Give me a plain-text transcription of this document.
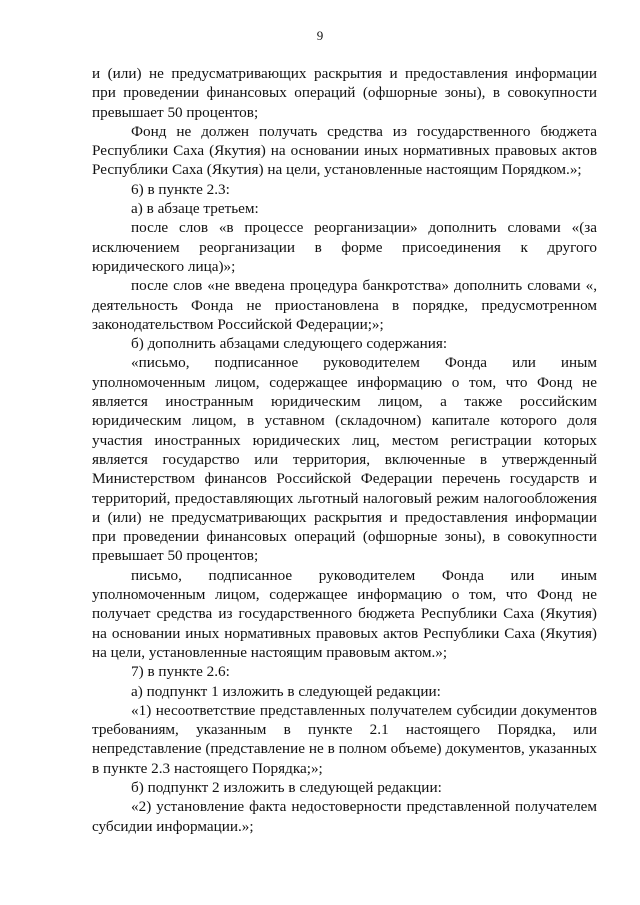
9

и (или) не предусматривающих раскрытия и предоставления информации при проведении финансовых операций (офшорные зоны), в совокупности превышает 50 процентов;

Фонд не должен получать средства из государственного бюджета Республики Саха (Якутия) на основании иных нормативных правовых актов Республики Саха (Якутия) на цели, установленные настоящим Порядком.»;

6) в пункте 2.3:

а) в абзаце третьем:

после слов «в процессе реорганизации» дополнить словами «(за исключением реорганизации в форме присоединения к другого юридического лица)»;

после слов «не введена процедура банкротства» дополнить словами «, деятельность Фонда не приостановлена в порядке, предусмотренном законодательством Российской Федерации;»;

б) дополнить абзацами следующего содержания:

«письмо, подписанное руководителем Фонда или иным уполномоченным лицом, содержащее информацию о том, что Фонд не является иностранным юридическим лицом, а также российским юридическим лицом, в уставном (складочном) капитале которого доля участия иностранных юридических лиц, местом регистрации которых является государство или территория, включенные в утвержденный Министерством финансов Российской Федерации перечень государств и территорий, предоставляющих льготный налоговый режим налогообложения и (или) не предусматривающих раскрытия и предоставления информации при проведении финансовых операций (офшорные зоны), в совокупности превышает 50 процентов;

письмо, подписанное руководителем Фонда или иным уполномоченным лицом, содержащее информацию о том, что Фонд не получает средства из государственного бюджета Республики Саха (Якутия) на основании иных нормативных правовых актов Республики Саха (Якутия) на цели, установленные настоящим правовым актом.»;

7) в пункте 2.6:

а) подпункт 1 изложить в следующей редакции:

«1) несоответствие представленных получателем субсидии документов требованиям, указанным в пункте 2.1 настоящего Порядка, или непредставление (представление не в полном объеме) документов, указанных в пункте 2.3 настоящего Порядка;»;

б) подпункт 2 изложить в следующей редакции:

«2) установление факта недостоверности представленной получателем субсидии информации.»;
